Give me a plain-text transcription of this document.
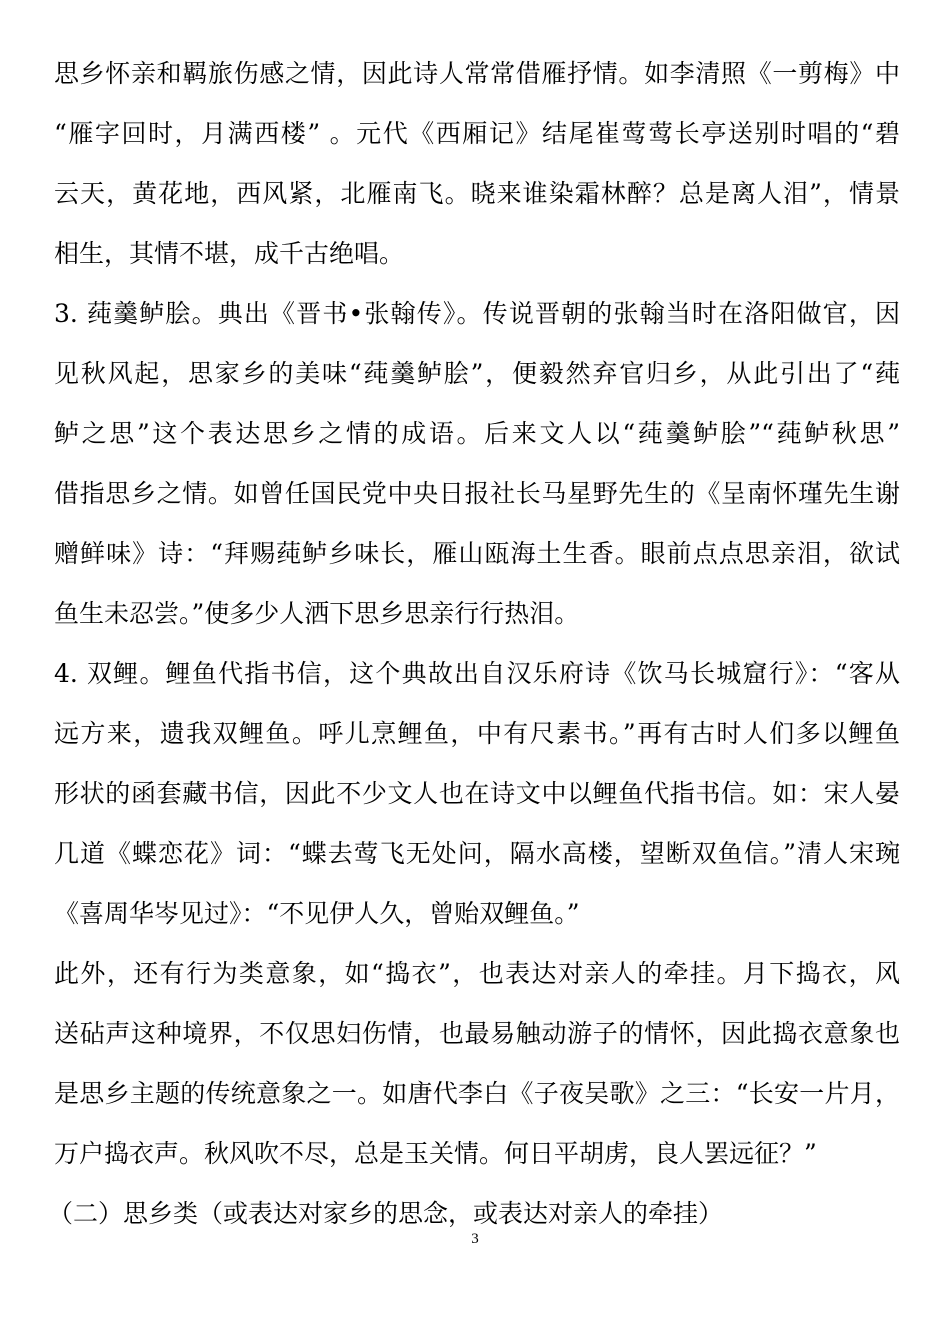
思乡怀亲和羁旅伤感之情，因此诗人常常借雁抒情。如李清照《一剪梅》中
“雁字回时，月满西楼” 。元代《西厢记》结尾崔莺莺长亭送别时唱的“碧
云天，黄花地，西风紧，北雁南飞。晓来谁染霜林醉？总是离人泪”，情景
相生，其情不堪，成千古绝唱。
3. 莼羹鲈脍。典出《晋书•张翰传》。传说晋朝的张翰当时在洛阳做官，因
见秋风起，思家乡的美味“莼羹鲈脍”，便毅然弃官归乡，从此引出了“莼
鲈之思”这个表达思乡之情的成语。后来文人以“莼羹鲈脍”“莼鲈秋思”
借指思乡之情。如曾任国民党中央日报社长马星野先生的《呈南怀瑾先生谢
赠鲜味》诗：“拜赐莼鲈乡味长，雁山瓯海土生香。眼前点点思亲泪，欲试
鱼生未忍尝。”使多少人洒下思乡思亲行行热泪。
4. 双鲤。鲤鱼代指书信，这个典故出自汉乐府诗《饮马长城窟行》：“客从
远方来，遗我双鲤鱼。呼儿烹鲤鱼，中有尺素书。”再有古时人们多以鲤鱼
形状的函套藏书信，因此不少文人也在诗文中以鲤鱼代指书信。如：宋人晏
几道《蝶恋花》词：“蝶去莺飞无处问，隔水高楼，望断双鱼信。”清人宋琬
《喜周华岑见过》：“不见伊人久，曾贻双鲤鱼。”
此外，还有行为类意象，如“捣衣”，也表达对亲人的牵挂。月下捣衣，风
送砧声这种境界，不仅思妇伤情，也最易触动游子的情怀，因此捣衣意象也
是思乡主题的传统意象之一。如唐代李白《子夜吴歌》之三：“长安一片月，
万户捣衣声。秋风吹不尽，总是玉关情。何日平胡虏，良人罢远征？”
（二）思乡类（或表达对家乡的思念，或表达对亲人的牵挂）
3
